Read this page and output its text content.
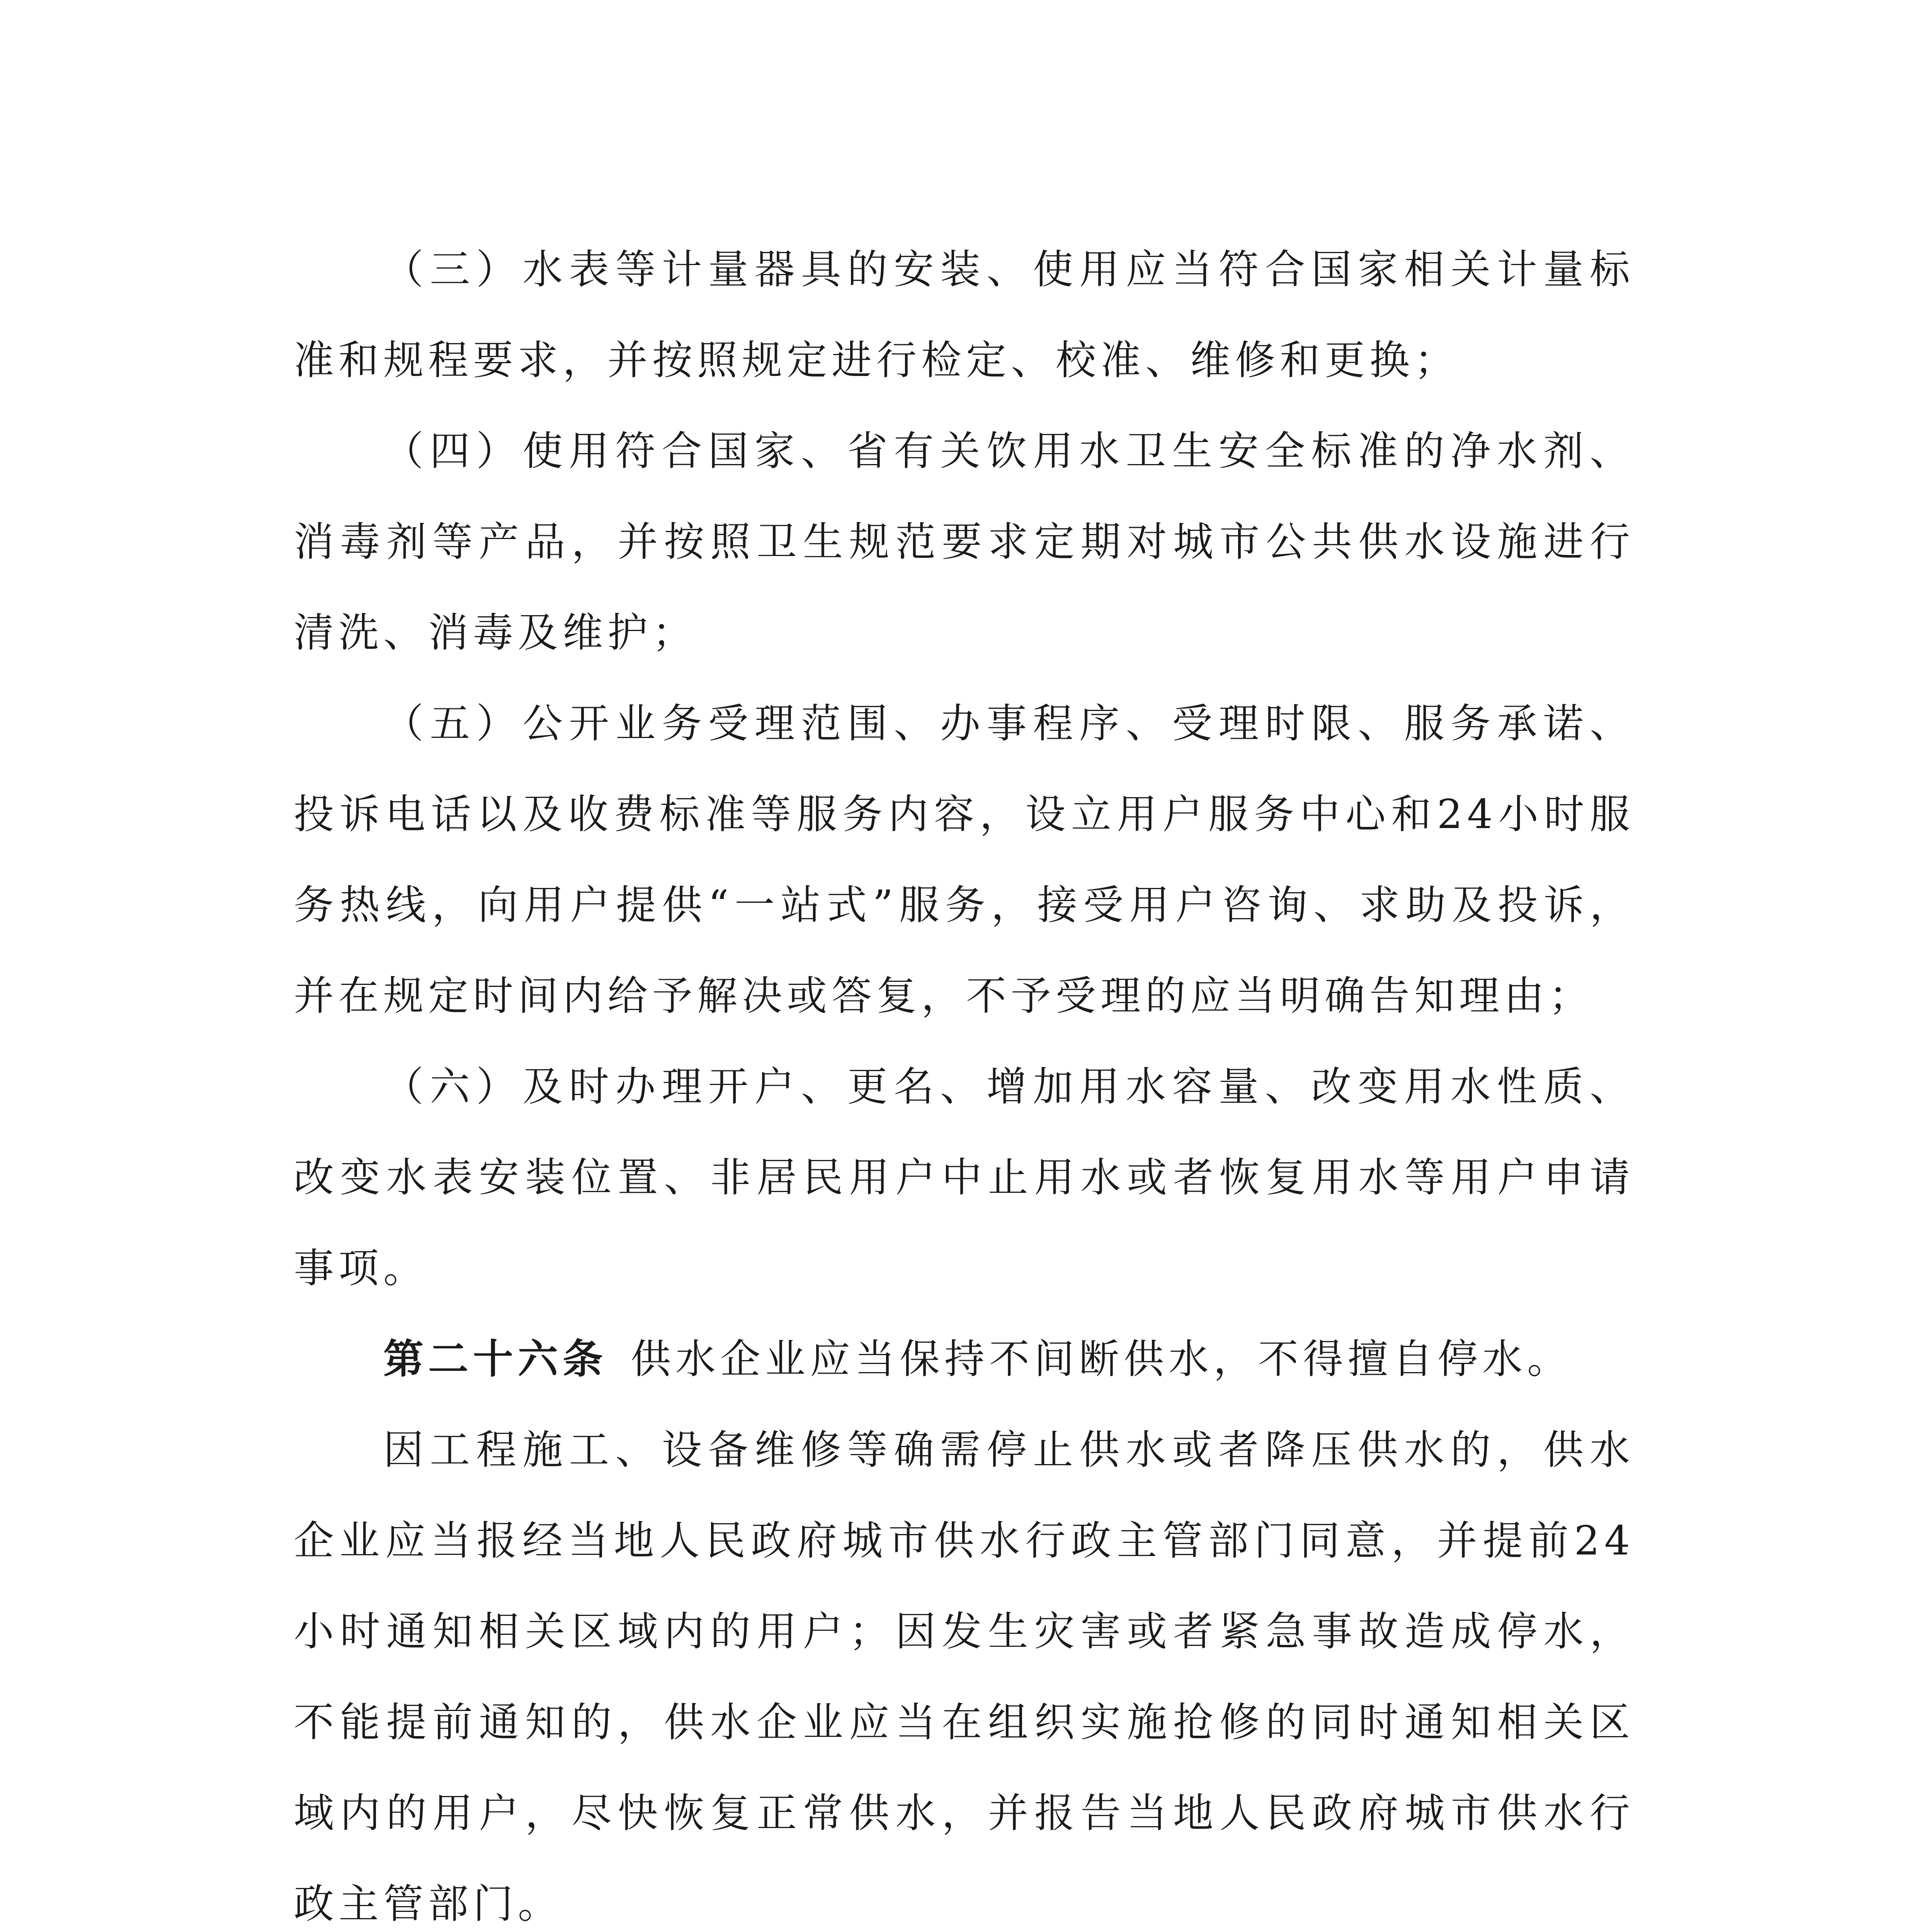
（三）水表等计量器具的安装、使用应当符合国家相关计量标准和规程要求，并按照规定进行检定、校准、维修和更换；

（四）使用符合国家、省有关饮用水卫生安全标准的净水剂、消毒剂等产品，并按照卫生规范要求定期对城市公共供水设施进行清洗、消毒及维护；

（五）公开业务受理范围、办事程序、受理时限、服务承诺、投诉电话以及收费标准等服务内容，设立用户服务中心和24小时服务热线，向用户提供“一站式”服务，接受用户咨询、求助及投诉，并在规定时间内给予解决或答复，不予受理的应当明确告知理由；

（六）及时办理开户、更名、增加用水容量、改变用水性质、改变水表安装位置、非居民用户中止用水或者恢复用水等用户申请事项。

第二十六条 供水企业应当保持不间断供水，不得擅自停水。

因工程施工、设备维修等确需停止供水或者降压供水的，供水企业应当报经当地人民政府城市供水行政主管部门同意，并提前24小时通知相关区域内的用户；因发生灾害或者紧急事故造成停水，不能提前通知的，供水企业应当在组织实施抢修的同时通知相关区域内的用户，尽快恢复正常供水，并报告当地人民政府城市供水行政主管部门。
